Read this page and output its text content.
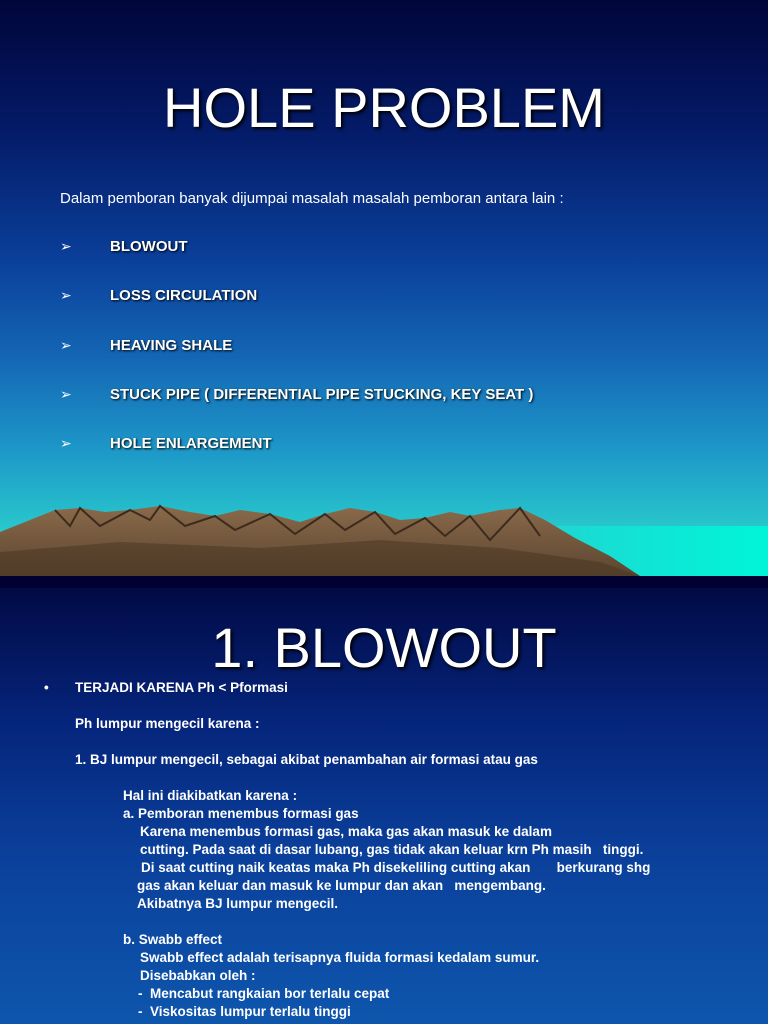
HOLE PROBLEM
Dalam pemboran banyak dijumpai masalah masalah pemboran antara lain :
➢	BLOWOUT
➢	LOSS CIRCULATION
➢	HEAVING SHALE
➢	STUCK PIPE ( DIFFERENTIAL PIPE STUCKING, KEY SEAT )
➢	HOLE ENLARGEMENT
1. BLOWOUT
• TERJADI KARENA Ph < Pformasi
Ph lumpur mengecil karena :
1. BJ lumpur mengecil, sebagai akibat penambahan air formasi atau gas
Hal ini diakibatkan karena :
a. Pemboran menembus formasi gas
Karena menembus formasi gas, maka gas akan masuk ke dalam
cutting. Pada saat di dasar lubang, gas tidak akan keluar krn Ph masih   tinggi.
Di saat cutting naik keatas maka Ph disekeliling cutting akan       berkurang shg
gas akan keluar dan masuk ke lumpur dan akan   mengembang.
Akibatnya BJ lumpur mengecil.
b. Swabb effect
Swabb effect adalah terisapnya fluida formasi kedalam sumur.
Disebabkan oleh :
-  Mencabut rangkaian bor terlalu cepat
-  Viskositas lumpur terlalu tinggi
